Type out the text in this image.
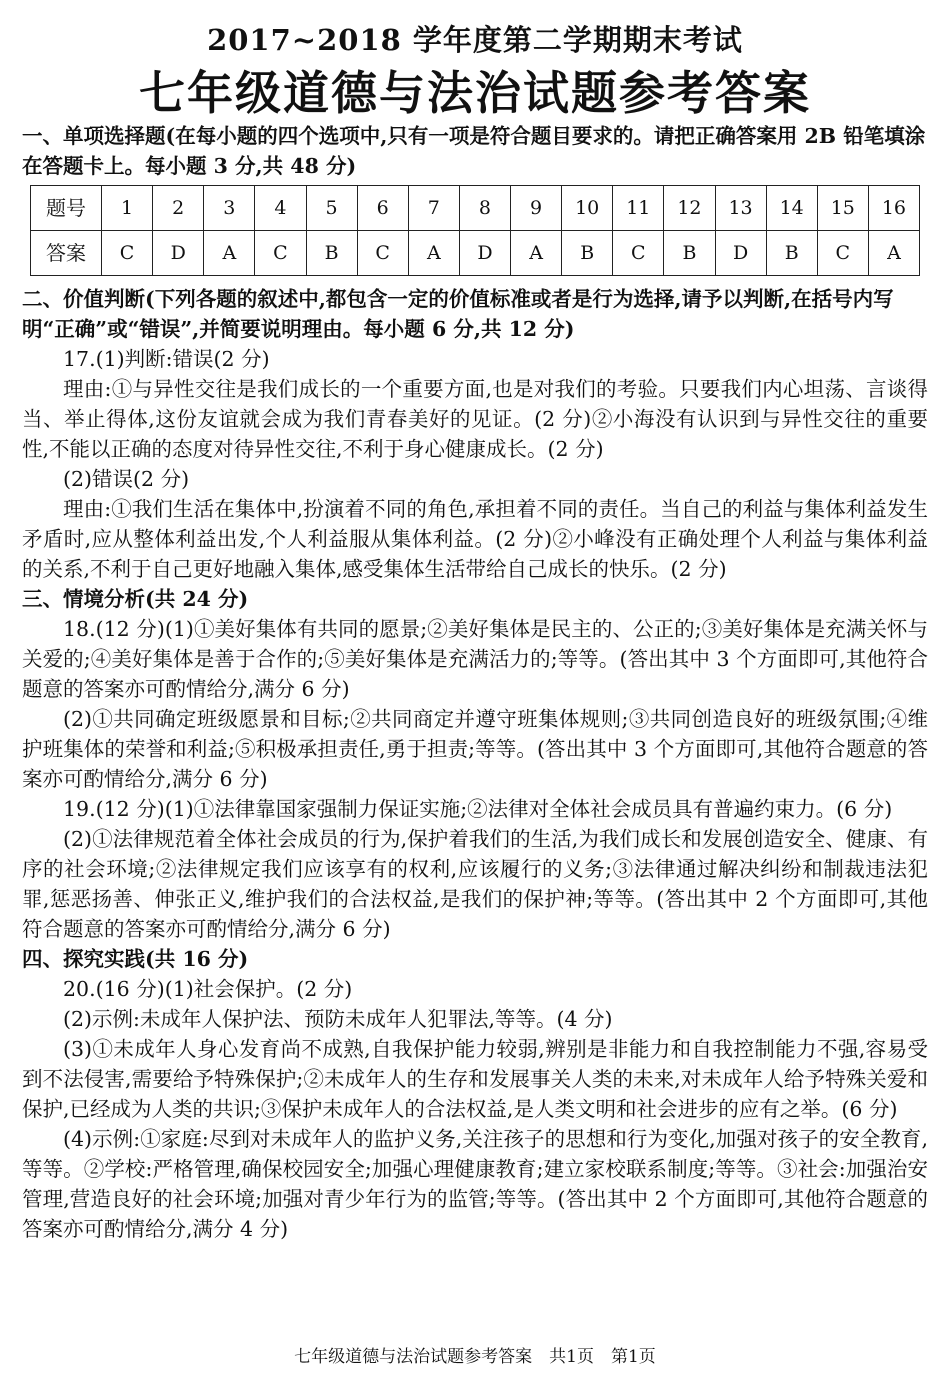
2017~2018 学年度第二学期期末考试
七年级道德与法治试题参考答案

一、单项选择题(在每小题的四个选项中,只有一项是符合题目要求的。请把正确答案用 2B 铅笔填涂在答题卡上。每小题 3 分,共 48 分)

题号	1	2	3	4	5	6	7	8	9	10	11	12	13	14	15	16
答案	C	D	A	C	B	C	A	D	A	B	C	B	D	B	C	A

二、价值判断(下列各题的叙述中,都包含一定的价值标准或者是行为选择,请予以判断,在括号内写明“正确”或“错误”,并简要说明理由。每小题 6 分,共 12 分)

17.(1)判断:错误(2 分)

理由:①与异性交往是我们成长的一个重要方面,也是对我们的考验。只要我们内心坦荡、言谈得当、举止得体,这份友谊就会成为我们青春美好的见证。(2 分)②小海没有认识到与异性交往的重要性,不能以正确的态度对待异性交往,不利于身心健康成长。(2 分)

(2)错误(2 分)

理由:①我们生活在集体中,扮演着不同的角色,承担着不同的责任。当自己的利益与集体利益发生矛盾时,应从整体利益出发,个人利益服从集体利益。(2 分)②小峰没有正确处理个人利益与集体利益的关系,不利于自己更好地融入集体,感受集体生活带给自己成长的快乐。(2 分)

三、情境分析(共 24 分)

18.(12 分)(1)①美好集体有共同的愿景;②美好集体是民主的、公正的;③美好集体是充满关怀与关爱的;④美好集体是善于合作的;⑤美好集体是充满活力的;等等。(答出其中 3 个方面即可,其他符合题意的答案亦可酌情给分,满分 6 分)

(2)①共同确定班级愿景和目标;②共同商定并遵守班集体规则;③共同创造良好的班级氛围;④维护班集体的荣誉和利益;⑤积极承担责任,勇于担责;等等。(答出其中 3 个方面即可,其他符合题意的答案亦可酌情给分,满分 6 分)

19.(12 分)(1)①法律靠国家强制力保证实施;②法律对全体社会成员具有普遍约束力。(6 分)

(2)①法律规范着全体社会成员的行为,保护着我们的生活,为我们成长和发展创造安全、健康、有序的社会环境;②法律规定我们应该享有的权利,应该履行的义务;③法律通过解决纠纷和制裁违法犯罪,惩恶扬善、伸张正义,维护我们的合法权益,是我们的保护神;等等。(答出其中 2 个方面即可,其他符合题意的答案亦可酌情给分,满分 6 分)

四、探究实践(共 16 分)

20.(16 分)(1)社会保护。(2 分)

(2)示例:未成年人保护法、预防未成年人犯罪法,等等。(4 分)

(3)①未成年人身心发育尚不成熟,自我保护能力较弱,辨别是非能力和自我控制能力不强,容易受到不法侵害,需要给予特殊保护;②未成年人的生存和发展事关人类的未来,对未成年人给予特殊关爱和保护,已经成为人类的共识;③保护未成年人的合法权益,是人类文明和社会进步的应有之举。(6 分)

(4)示例:①家庭:尽到对未成年人的监护义务,关注孩子的思想和行为变化,加强对孩子的安全教育,等等。②学校:严格管理,确保校园安全;加强心理健康教育;建立家校联系制度;等等。③社会:加强治安管理,营造良好的社会环境;加强对青少年行为的监管;等等。(答出其中 2 个方面即可,其他符合题意的答案亦可酌情给分,满分 4 分)

七年级道德与法治试题参考答案　共1页　第1页
